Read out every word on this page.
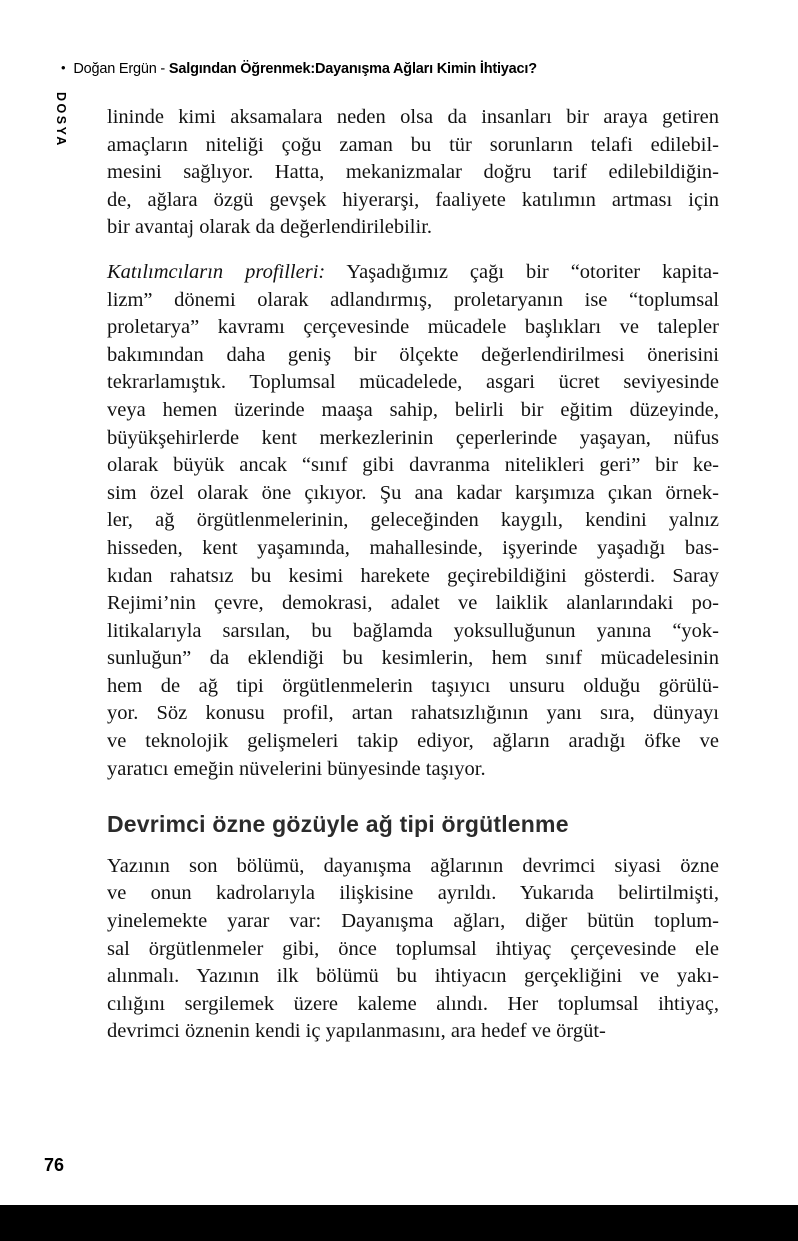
• Doğan Ergün - Salgından Öğrenmek:Dayanışma Ağları Kimin İhtiyacı?
DOSYA lininde kimi aksamalara neden olsa da insanları bir araya getiren
amaçların niteliği çoğu zaman bu tür sorunların telafi edilebil-
mesini sağlıyor. Hatta, mekanizmalar doğru tarif edilebildiğin-
de, ağlara özgü gevşek hiyerarşi, faaliyete katılımın artması için
bir avantaj olarak da değerlendirilebilir.
Katılımcıların profilleri: Yaşadığımız çağı bir “otoriter kapita-
lizm” dönemi olarak adlandırmış, proletaryanın ise “toplumsal
proletarya” kavramı çerçevesinde mücadele başlıkları ve talepler
bakımından daha geniş bir ölçekte değerlendirilmesi önerisini
tekrarlamıştık. Toplumsal mücadelede, asgari ücret seviyesinde
veya hemen üzerinde maaşa sahip, belirli bir eğitim düzeyinde,
büyükşehirlerde kent merkezlerinin çeperlerinde yaşayan, nüfus
olarak büyük ancak “sınıf gibi davranma nitelikleri geri” bir ke-
sim özel olarak öne çıkıyor. Şu ana kadar karşımıza çıkan örnek-
ler, ağ örgütlenmelerinin, geleceğinden kaygılı, kendini yalnız
hisseden, kent yaşamında, mahallesinde, işyerinde yaşadığı bas-
kıdan rahatsız bu kesimi harekete geçirebildiğini gösterdi. Saray
Rejimi’nin çevre, demokrasi, adalet ve laiklik alanlarındaki po-
litikalarıyla sarsılan, bu bağlamda yoksulluğunun yanına “yok-
sunluğun” da eklendiği bu kesimlerin, hem sınıf mücadelesinin
hem de ağ tipi örgütlenmelerin taşıyıcı unsuru olduğu görülü-
yor. Söz konusu profil, artan rahatsızlığının yanı sıra, dünyayı
ve teknolojik gelişmeleri takip ediyor, ağların aradığı öfke ve
yaratıcı emeğin nüvelerini bünyesinde taşıyor.
Devrimci özne gözüyle ağ tipi örgütlenme
Yazının son bölümü, dayanışma ağlarının devrimci siyasi özne
ve onun kadrolarıyla ilişkisine ayrıldı. Yukarıda belirtilmişti,
yinelemekte yarar var: Dayanışma ağları, diğer bütün toplum-
sal örgütlenmeler gibi, önce toplumsal ihtiyaç çerçevesinde ele
alınmalı. Yazının ilk bölümü bu ihtiyacın gerçekliğini ve yakı-
cılığını sergilemek üzere kaleme alındı. Her toplumsal ihtiyaç,
devrimci öznenin kendi iç yapılanmasını, ara hedef ve örgüt-
76
